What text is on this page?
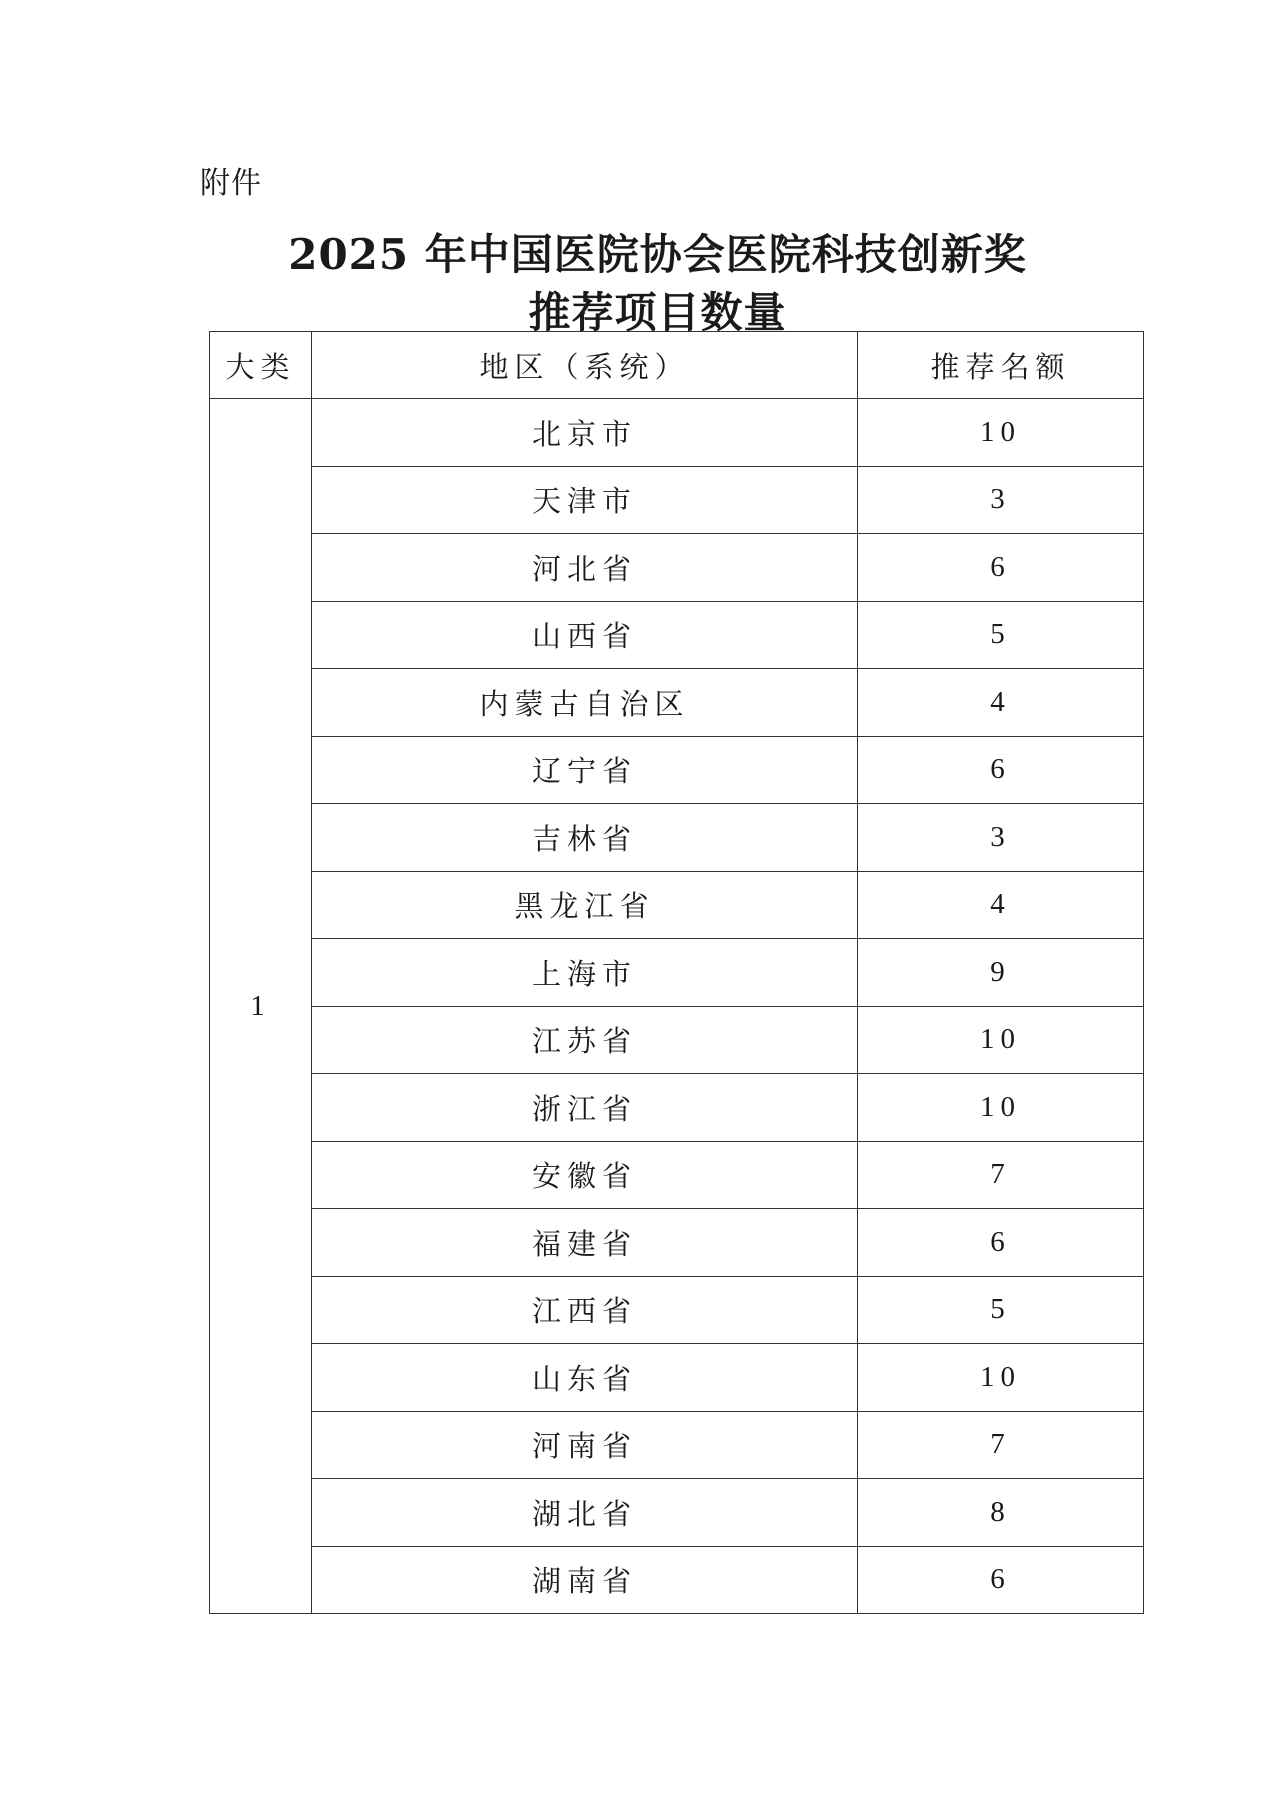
附件
2025 年中国医院协会医院科技创新奖
推荐项目数量
大类	地区（系统）	推荐名额
1	北京市	10
	天津市	3
	河北省	6
	山西省	5
	内蒙古自治区	4
	辽宁省	6
	吉林省	3
	黑龙江省	4
	上海市	9
	江苏省	10
	浙江省	10
	安徽省	7
	福建省	6
	江西省	5
	山东省	10
	河南省	7
	湖北省	8
	湖南省	6
